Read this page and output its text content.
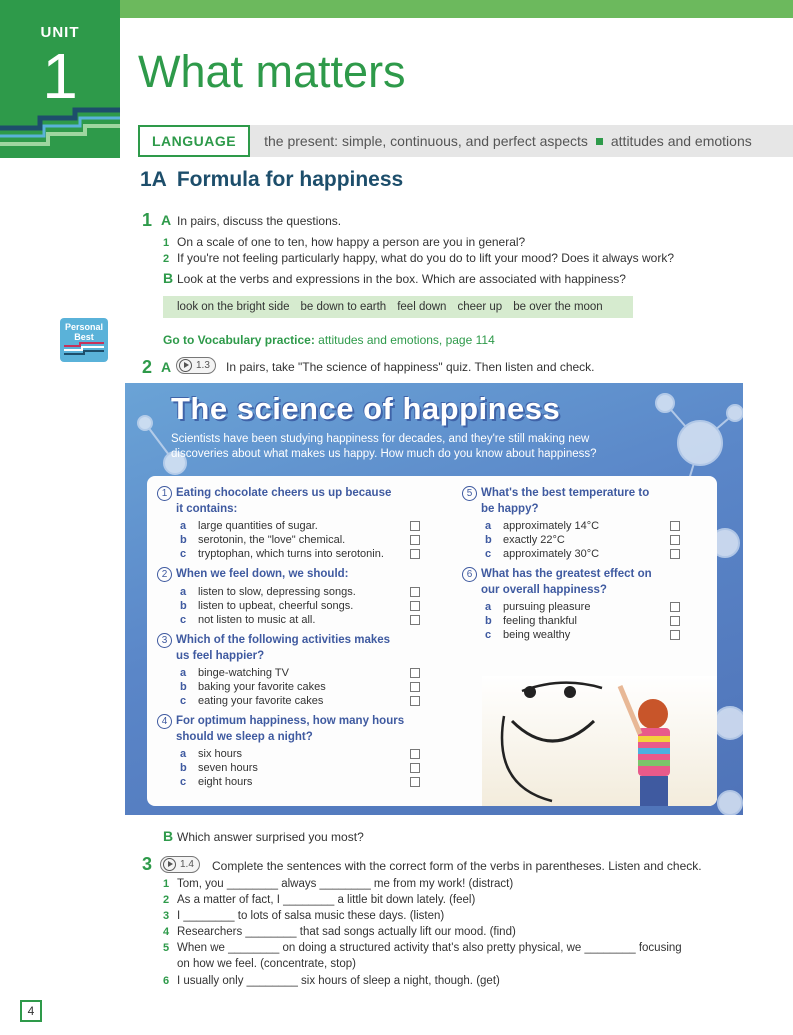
UNIT
1	What matters
LANGUAGE	the present: simple, continuous, and perfect aspects attitudes and emotions
1A Formula for happiness
1 A In pairs, discuss the questions.
1 On a scale of one to ten, how happy a person are you in general?
2 If you're not feeling particularly happy, what do you do to lift your mood? Does it always work?
B Look at the verbs and expressions in the box. Which are associated with happiness?
look on the bright side be down to earth feel down cheer up be over the moon
Personal
Best	Go to Vocabulary practice: attitudes and emotions, page 114
2 A 1.3 In pairs, take "The science of happiness" quiz. Then listen and check.
The science of happiness
Scientists have been studying happiness for decades, and they're still making new discoveries about what makes us happy. How much do you know about happiness?
1 Eating chocolate cheers us up because
it contains:
a large quantities of sugar.
b serotonin, the "love" chemical.
c tryptophan, which turns into serotonin.
2 When we feel down, we should:
a listen to slow, depressing songs.
b listen to upbeat, cheerful songs.
c not listen to music at all.
3 Which of the following activities makes
us feel happier?
a binge-watching TV
b baking your favorite cakes
c eating your favorite cakes
4 For optimum happiness, how many hours
should we sleep a night?
a six hours
b seven hours
c eight hours
5 What's the best temperature to
be happy?
a approximately 14°C
b exactly 22°C
c approximately 30°C
6 What has the greatest effect on
our overall happiness?
a pursuing pleasure
b feeling thankful
c being wealthy
B Which answer surprised you most?
3	1.4 Complete the sentences with the correct form of the verbs in parentheses. Listen and check.
1 Tom, you ________ always ________ me from my work! (distract)
2 As a matter of fact, I ________ a little bit down lately. (feel)
3 I ________ to lots of salsa music these days. (listen)
4 Researchers ________ that sad songs actually lift our mood. (find)
5 When we ________ on doing a structured activity that's also pretty physical, we ________ focusing
on how we feel. (concentrate, stop)
6 I usually only ________ six hours of sleep a night, though. (get)
4
